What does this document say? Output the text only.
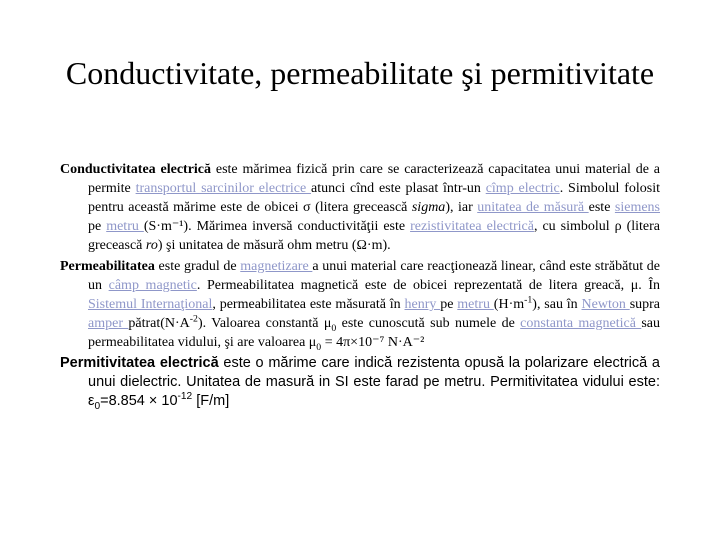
Conductivitate, permeabilitate şi permitivitate

Conductivitatea electrică este mărimea fizică prin care se caracterizează capacitatea unui material de a permite transportul sarcinilor electrice atunci cînd este plasat într-un cîmp electric. Simbolul folosit pentru această mărime este de obicei σ (litera grecească sigma), iar unitatea de măsură este siemens pe metru (S·m⁻¹). Mărimea inversă conductivităţii este rezistivitatea electrică, cu simbolul ρ (litera grecească ro) şi unitatea de măsură ohm metru (Ω·m).

Permeabilitatea este gradul de magnetizare a unui material care reacţionează linear, când este străbătut de un câmp magnetic. Permeabilitatea magnetică este de obicei reprezentată de litera greacă, μ. În Sistemul Internaţional, permeabilitatea este măsurată în henry pe metru $(H\cdot m^{-1})$, sau în Newton supra amper $pătrat(N\cdot A^{-2})$. Valoarea constantă $\mu_0$ este cunoscută sub numele de constanta magnetică sau permeabilitatea vidului, şi are valoarea $\mu_0 = 4\pi\times 10^{-7}$ N·A⁻²

Permitivitatea electrică este o mărime care indică rezistenta opusă la polarizare electrică a unui dielectric. Unitatea de masură in SI este farad pe metru. Permitivitatea vidului este: $\varepsilon_0=8.854 \times 10^{-12}$ [F/m]
